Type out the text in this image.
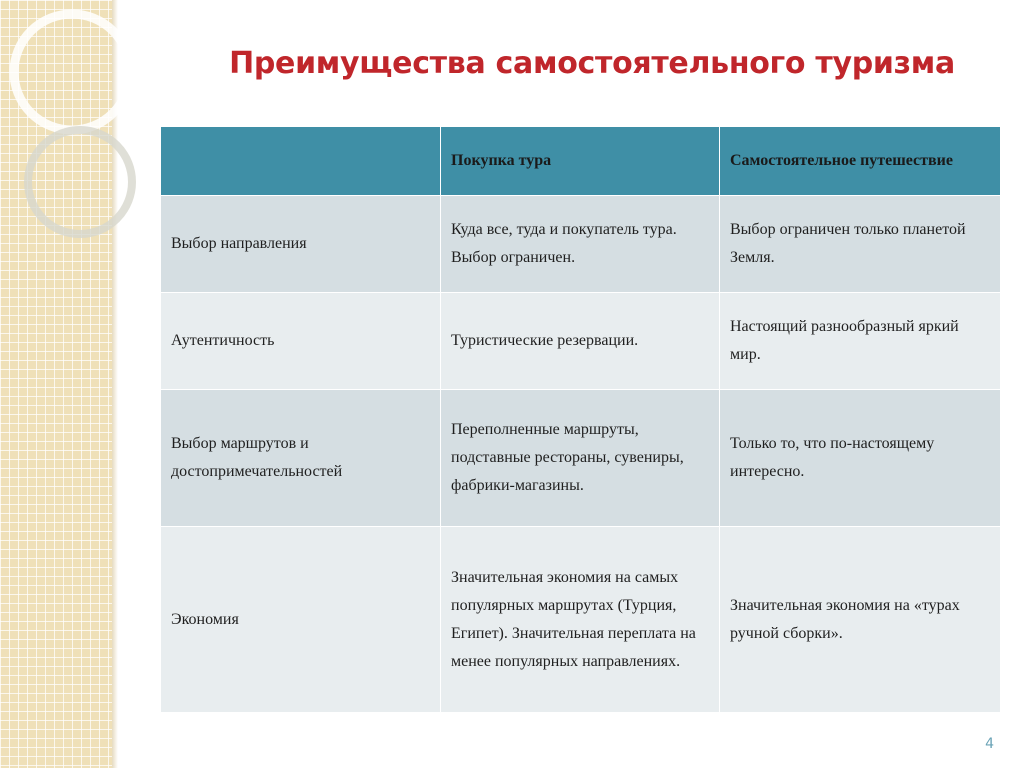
Преимущества самостоятельного туризма
	Покупка тура	Самостоятельное путешествие
Выбор направления	Куда все, туда и покупатель тура. Выбор ограничен.	Выбор ограничен только планетой Земля.
Аутентичность	Туристические резервации.	Настоящий разнообразный яркий мир.
Выбор маршрутов и достопримечательностей	Переполненные маршруты, подставные рестораны, сувениры, фабрики-магазины.	Только то, что по-настоящему интересно.
Экономия	Значительная экономия на самых популярных маршрутах (Турция, Египет). Значительная переплата на менее популярных направлениях.	Значительная экономия на «турах ручной сборки».
4
